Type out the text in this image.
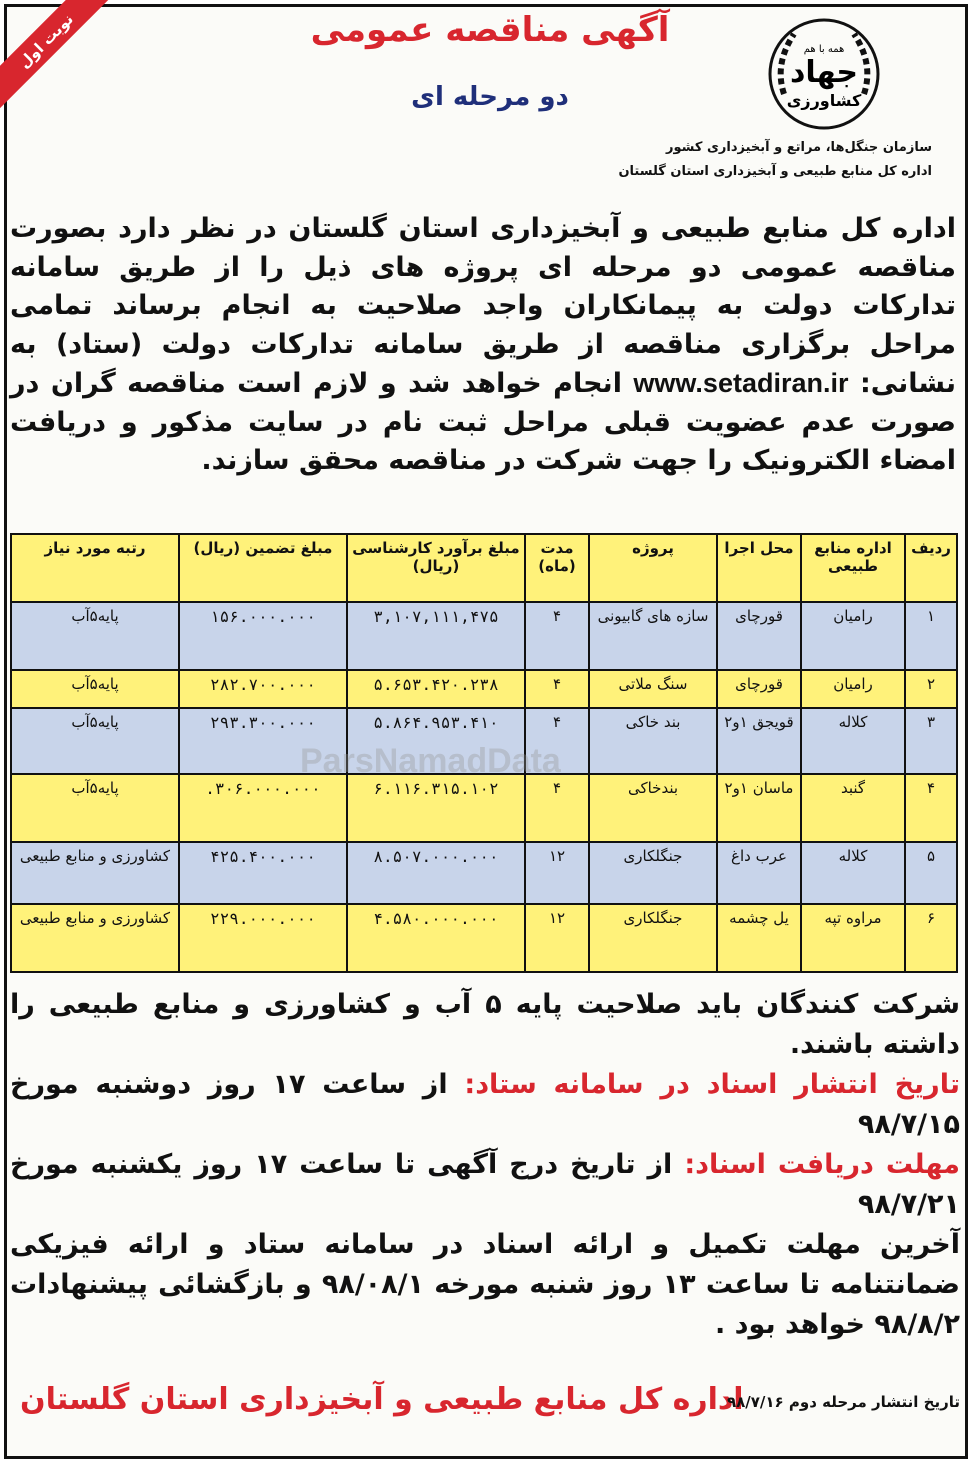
نوبت اول	آگهی مناقصه عمومی
دو مرحله ای
همه با هم
جهاد
کشاورزی
سازمان جنگل‌ها، مراتع و آبخیزداری کشور
اداره کل منابع طبیعی و آبخیزداری استان گلستان
اداره کل منابع طبیعی و آبخیزداری استان گلستان در نظر دارد بصورت مناقصه عمومی دو مرحله ای پروژه های ذیل را از طریق سامانه تدارکات دولت به پیمانکاران واجد صلاحیت به انجام برساند تمامی مراحل برگزاری مناقصه از طریق سامانه تدارکات دولت (ستاد) به نشانی: www.setadiran.ir انجام خواهد شد و لازم است مناقصه گران در صورت عدم عضویت قبلی مراحل ثبت نام در سایت مذکور و دریافت امضاء الکترونیک را جهت شرکت در مناقصه محقق سازند.
ردیف	اداره منابع طبیعی	محل اجرا	پروژه	مدت (ماه)	مبلغ برآورد کارشناسی (ریال)	مبلغ تضمین (ریال)	رتبه مورد نیاز
۱	رامیان	قورچای	سازه های گابیونی	۴	۳,۱۰۷,۱۱۱,۴۷۵	۱۵۶.۰۰۰.۰۰۰	پایه۵آب
۲	رامیان	قورچای	سنگ ملاتی	۴	۵.۶۵۳.۴۲۰.۲۳۸	۲۸۲.۷۰۰.۰۰۰	پایه۵آب
۳	کلاله	قویجق ۱و۲	بند خاکی	۴	۵.۸۶۴.۹۵۳.۴۱۰	۲۹۳.۳۰۰.۰۰۰	پایه۵آب
۴	گنبد	ماسان ۱و۲	بندخاکی	۴	۶.۱۱۶.۳۱۵.۱۰۲	۳۰۶.۰۰۰.۰۰۰.	پایه۵آب
۵	کلاله	عرب داغ	جنگلکاری	۱۲	۸.۵۰۷.۰۰۰.۰۰۰	۴۲۵.۴۰۰.۰۰۰	کشاورزی و منابع طبیعی
۶	مراوه تپه	یل چشمه	جنگلکاری	۱۲	۴.۵۸۰.۰۰۰.۰۰۰	۲۲۹.۰۰۰.۰۰۰	کشاورزی و منابع طبیعی
ParsNamadData
شرکت کنندگان باید صلاحیت پایه ۵ آب و کشاورزی و منابع طبیعی را داشته باشند.
تاریخ انتشار اسناد در سامانه ستاد: از ساعت ۱۷ روز دوشنبه مورخ ۹۸/۷/۱۵
مهلت دریافت اسناد: از تاریخ درج آگهی تا ساعت ۱۷ روز یکشنبه مورخ ۹۸/۷/۲۱
آخرین مهلت تکمیل و ارائه اسناد در سامانه ستاد و ارائه فیزیکی ضمانتنامه تا ساعت ۱۳ روز شنبه مورخه ۹۸/۰۸/۱ و بازگشائی پیشنهادات ۹۸/۸/۲ خواهد بود .
اداره کل منابع طبیعی و آبخیزداری استان گلستان
تاریخ انتشار مرحله دوم ۹۸/۷/۱۶
